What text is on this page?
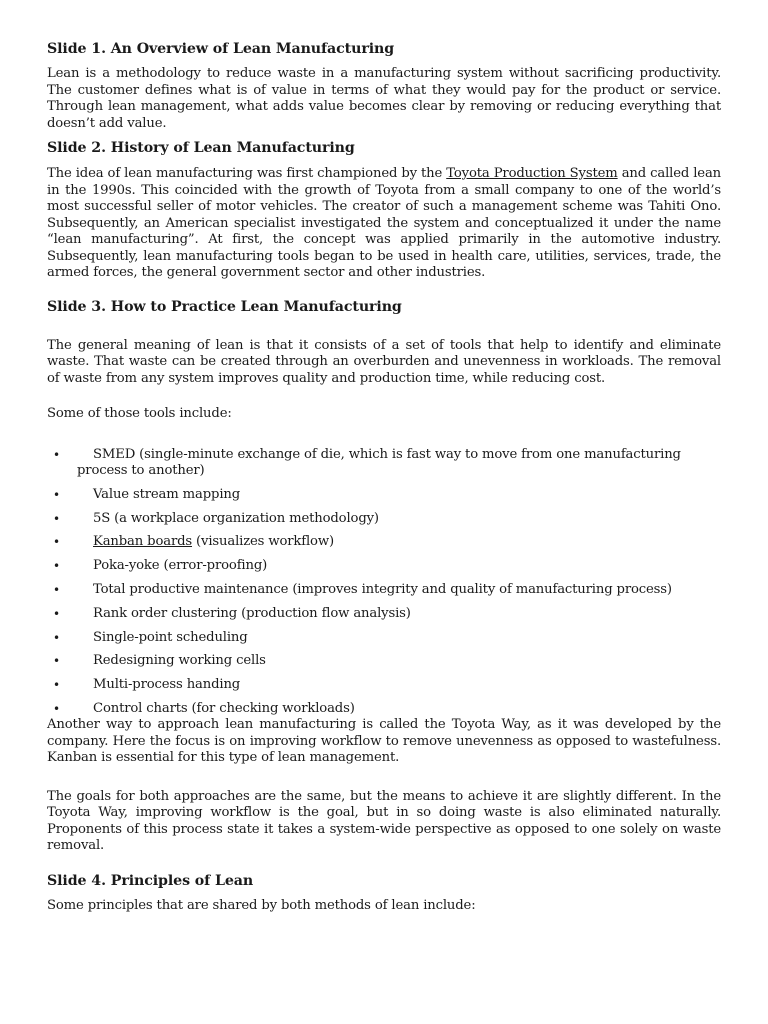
Slide 1. An Overview of Lean Manufacturing

Lean is a methodology to reduce waste in a manufacturing system without sacrificing productivity. The customer defines what is of value in terms of what they would pay for the product or service. Through lean management, what adds value becomes clear by removing or reducing everything that doesn’t add value.

Slide 2. History of Lean Manufacturing

The idea of lean manufacturing was first championed by the Toyota Production System and called lean in the 1990s. This coincided with the growth of Toyota from a small company to one of the world’s most successful seller of motor vehicles. The creator of such a management scheme was Tahiti Ono. Subsequently, an American specialist investigated the system and conceptualized it under the name “lean manufacturing”. At first, the concept was applied primarily in the automotive industry. Subsequently, lean manufacturing tools began to be used in health care, utilities, services, trade, the armed forces, the general government sector and other industries.

Slide 3. How to Practice Lean Manufacturing

The general meaning of lean is that it consists of a set of tools that help to identify and eliminate waste. That waste can be created through an overburden and unevenness in workloads. The removal of waste from any system improves quality and production time, while reducing cost.

Some of those tools include:

•	SMED (single-minute exchange of die, which is fast way to move from one manufacturing process to another)
•	Value stream mapping
•	5S (a workplace organization methodology)
•	Kanban boards (visualizes workflow)
•	Poka-yoke (error-proofing)
•	Total productive maintenance (improves integrity and quality of manufacturing process)
•	Rank order clustering (production flow analysis)
•	Single-point scheduling
•	Redesigning working cells
•	Multi-process handing
•	Control charts (for checking workloads)

Another way to approach lean manufacturing is called the Toyota Way, as it was developed by the company. Here the focus is on improving workflow to remove unevenness as opposed to wastefulness. Kanban is essential for this type of lean management.

The goals for both approaches are the same, but the means to achieve it are slightly different. In the Toyota Way, improving workflow is the goal, but in so doing waste is also eliminated naturally. Proponents of this process state it takes a system-wide perspective as opposed to one solely on waste removal.

Slide 4. Principles of Lean

Some principles that are shared by both methods of lean include:
